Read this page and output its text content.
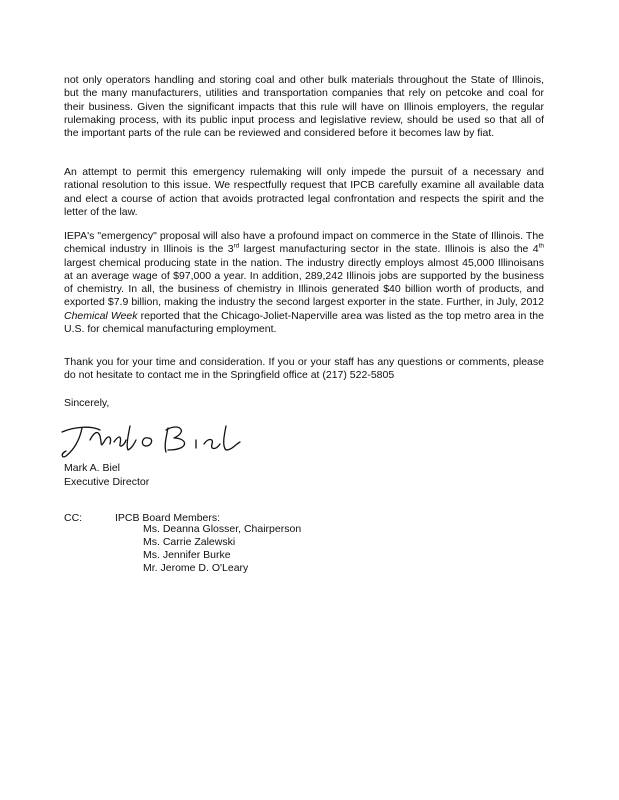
not only operators handling and storing coal and other bulk materials throughout the State of Illinois, but the many manufacturers, utilities and transportation companies that rely on petcoke and coal for their business. Given the significant impacts that this rule will have on Illinois employers, the regular rulemaking process, with its public input process and legislative review, should be used so that all of the important parts of the rule can be reviewed and considered before it becomes law by fiat.

An attempt to permit this emergency rulemaking will only impede the pursuit of a necessary and rational resolution to this issue. We respectfully request that IPCB carefully examine all available data and elect a course of action that avoids protracted legal confrontation and respects the spirit and the letter of the law.

IEPA's "emergency" proposal will also have a profound impact on commerce in the State of Illinois. The chemical industry in Illinois is the 3rd largest manufacturing sector in the state. Illinois is also the 4th largest chemical producing state in the nation. The industry directly employs almost 45,000 Illinoisans at an average wage of $97,000 a year. In addition, 289,242 Illinois jobs are supported by the business of chemistry. In all, the business of chemistry in Illinois generated $40 billion worth of products, and exported $7.9 billion, making the industry the second largest exporter in the state. Further, in July, 2012 Chemical Week reported that the Chicago-Joliet-Naperville area was listed as the top metro area in the U.S. for chemical manufacturing employment.

Thank you for your time and consideration. If you or your staff has any questions or comments, please do not hesitate to contact me in the Springfield office at (217) 522-5805

Sincerely,

Mark A. Biel

Executive Director

CC:	IPCB Board Members:

Ms. Deanna Glosser, Chairperson

Ms. Carrie Zalewski

Ms. Jennifer Burke

Mr. Jerome D. O'Leary
